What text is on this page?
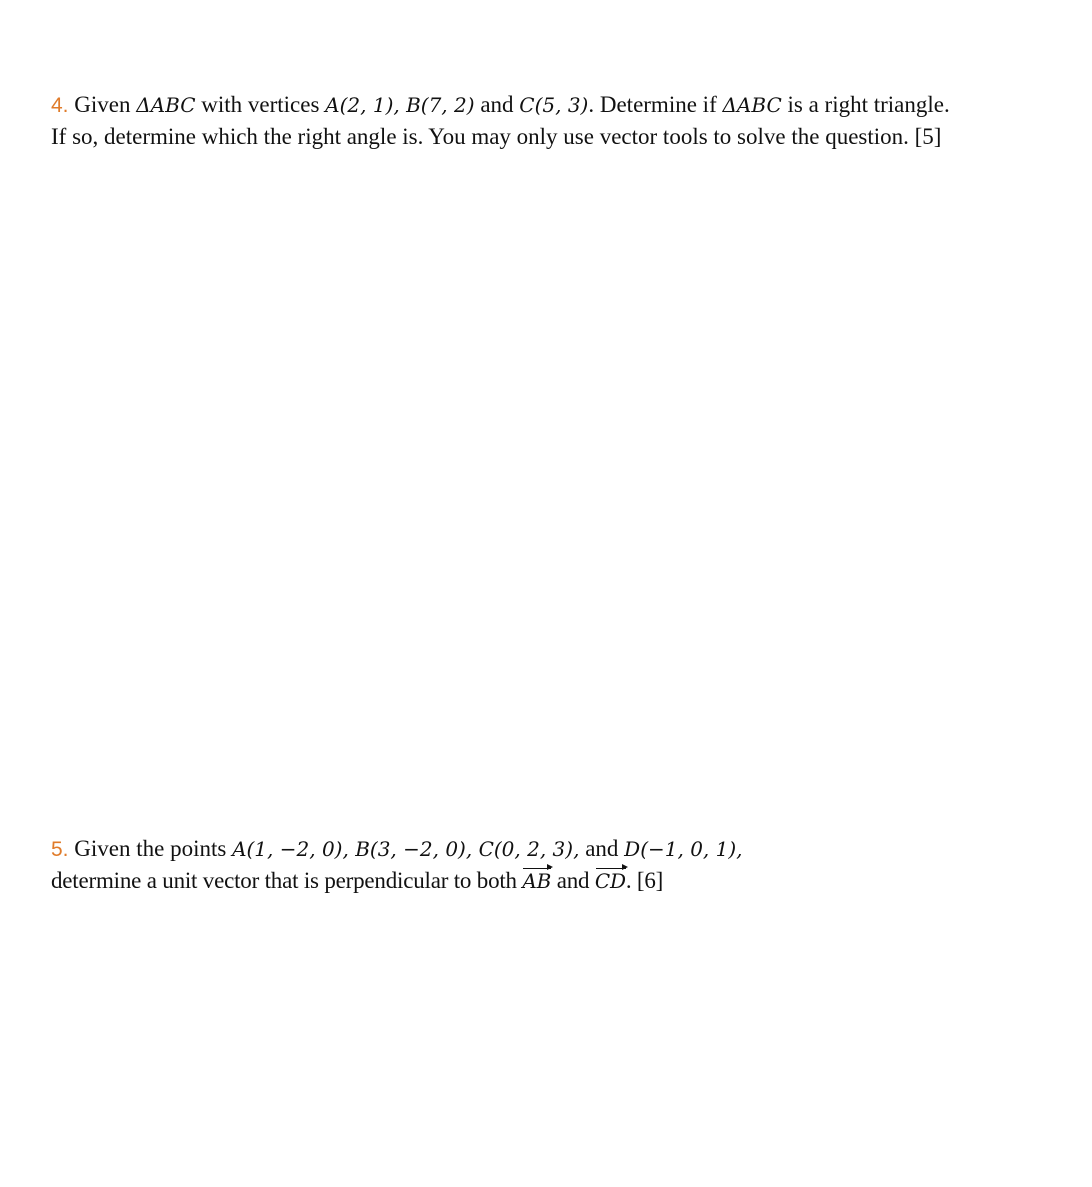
4. Given ΔABC with vertices A(2, 1), B(7, 2) and C(5, 3). Determine if ΔABC is a right triangle.
If so, determine which the right angle is. You may only use vector tools to solve the question. [5]
5. Given the points A(1, −2, 0), B(3, −2, 0), C(0, 2, 3), and D(−1, 0, 1),
determine a unit vector that is perpendicular to both AB and CD. [6]
